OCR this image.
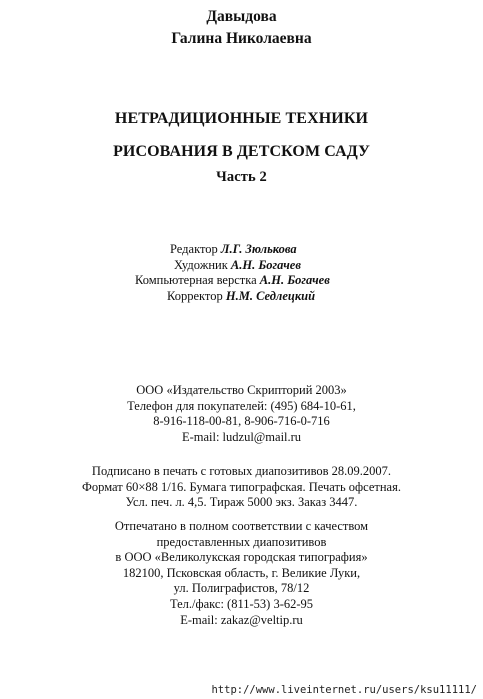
Давыдова
Галина Николаевна
НЕТРАДИЦИОННЫЕ ТЕХНИКИ
РИСОВАНИЯ В ДЕТСКОМ САДУ
Часть 2
Редактор Л.Г. Зюлькова
Художник А.Н. Богачев
Компьютерная верстка А.Н. Богачев
Корректор Н.М. Седлецкий
ООО «Издательство Скрипторий 2003»
Телефон для покупателей: (495) 684-10-61,
8-916-118-00-81, 8-906-716-0-716
E-mail: ludzul@mail.ru
Подписано в печать с готовых диапозитивов 28.09.2007.
Формат 60×88 1/16. Бумага типографская. Печать офсетная.
Усл. печ. л. 4,5. Тираж 5000 экз. Заказ 3447.
Отпечатано в полном соответствии с качеством
предоставленных диапозитивов
в ООО «Великолукская городская типография»
182100, Псковская область, г. Великие Луки,
ул. Полиграфистов, 78/12
Тел./факс: (811-53) 3-62-95
E-mail: zakaz@veltip.ru
http://www.liveinternet.ru/users/ksu11111/
